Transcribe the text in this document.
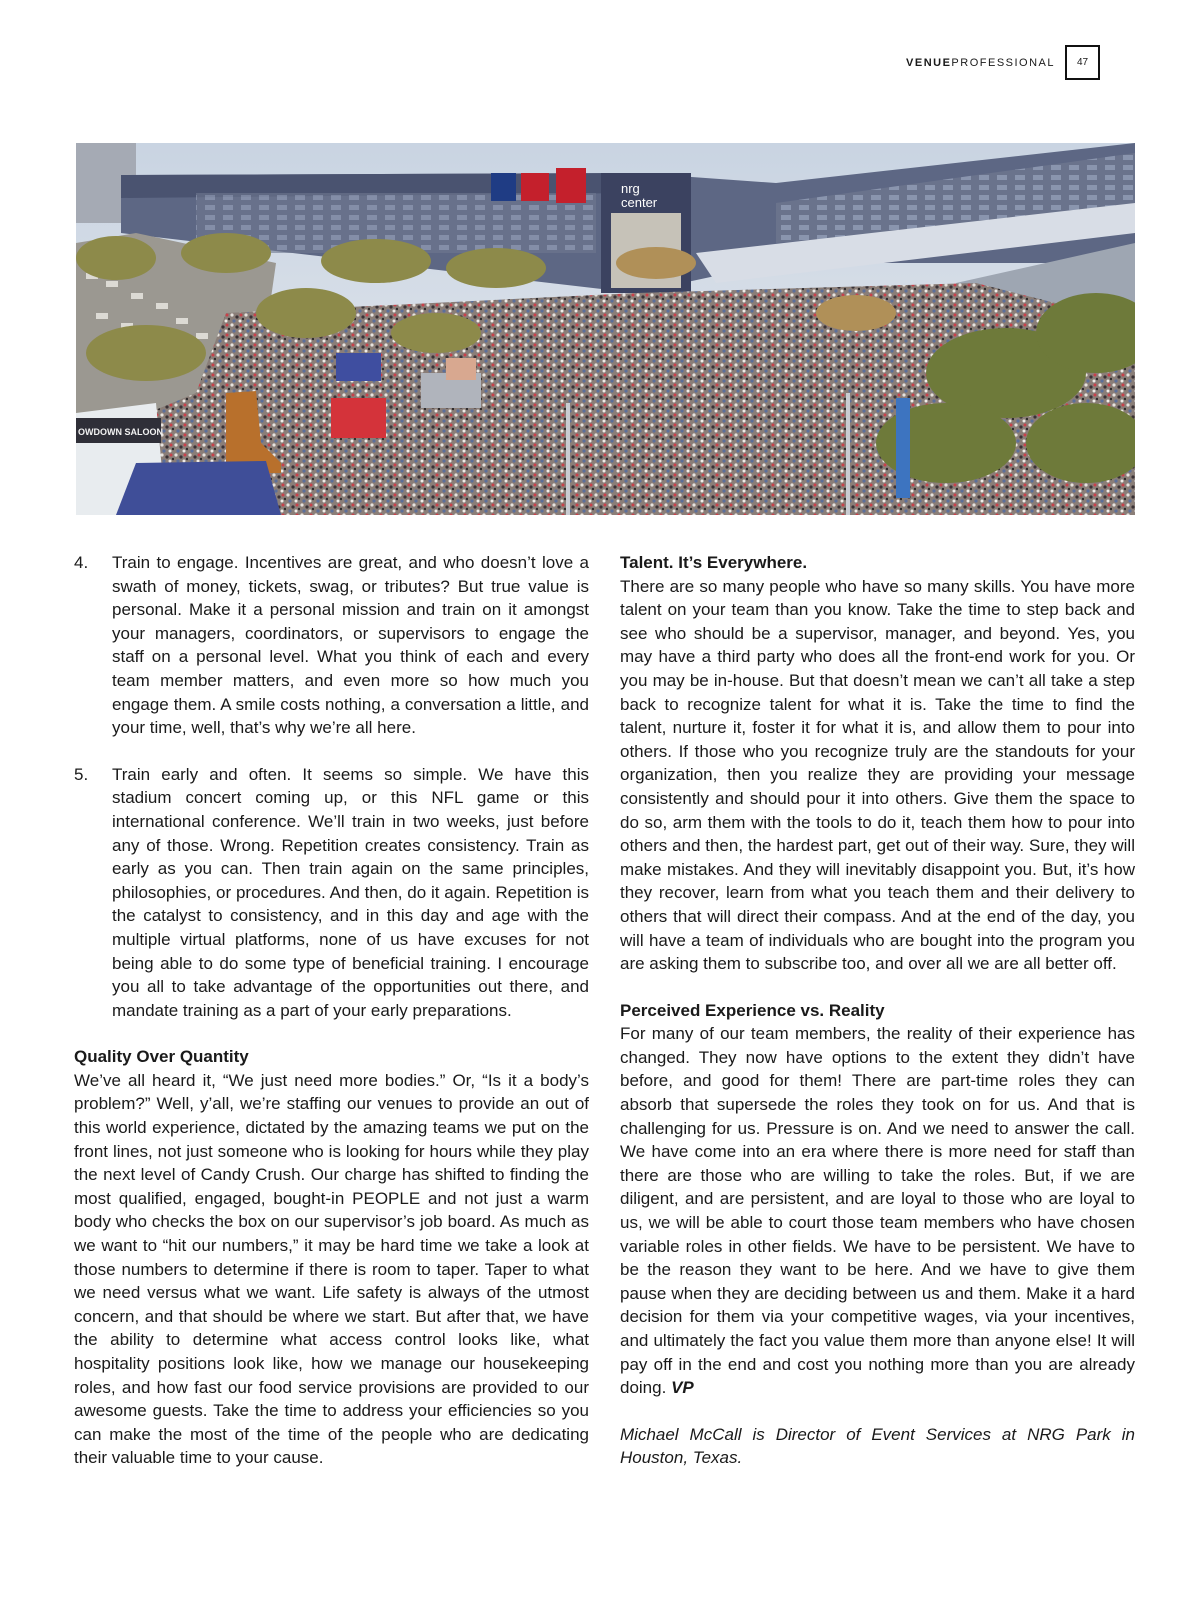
VENUEPROFESSIONAL 47
nrg
center
OWDOWN SALOON
4. Train to engage. Incentives are great, and who doesn’t love a swath of money, tickets, swag, or tributes? But true value is personal. Make it a personal mission and train on it amongst your managers, coordinators, or supervisors to engage the staff on a personal level. What you think of each and every team member matters, and even more so how much you engage them. A smile costs nothing, a conversation a little, and your time, well, that’s why we’re all here.

5. Train early and often. It seems so simple. We have this stadium concert coming up, or this NFL game or this international conference. We’ll train in two weeks, just before any of those. Wrong. Repetition creates consistency. Train as early as you can. Then train again on the same principles, philosophies, or procedures. And then, do it again. Repetition is the catalyst to consistency, and in this day and age with the multiple virtual platforms, none of us have excuses for not being able to do some type of beneficial training. I encourage you all to take advantage of the opportunities out there, and mandate training as a part of your early preparations.

Quality Over Quantity

We’ve all heard it, “We just need more bodies.” Or, “Is it a body’s problem?” Well, y’all, we’re staffing our venues to provide an out of this world experience, dictated by the amazing teams we put on the front lines, not just someone who is looking for hours while they play the next level of Candy Crush. Our charge has shifted to finding the most qualified, engaged, bought-in PEOPLE and not just a warm body who checks the box on our supervisor’s job board. As much as we want to “hit our numbers,” it may be hard time we take a look at those numbers to determine if there is room to taper. Taper to what we need versus what we want. Life safety is always of the utmost concern, and that should be where we start. But after that, we have the ability to determine what access control looks like, what hospitality positions look like, how we manage our housekeeping roles, and how fast our food service provisions are provided to our awesome guests. Take the time to address your efficiencies so you can make the most of the time of the people who are dedicating their valuable time to your cause.

Talent. It’s Everywhere.

There are so many people who have so many skills. You have more talent on your team than you know. Take the time to step back and see who should be a supervisor, manager, and beyond. Yes, you may have a third party who does all the front-end work for you. Or you may be in-house. But that doesn’t mean we can’t all take a step back to recognize talent for what it is. Take the time to find the talent, nurture it, foster it for what it is, and allow them to pour into others. If those who you recognize truly are the standouts for your organization, then you realize they are providing your message consistently and should pour it into others. Give them the space to do so, arm them with the tools to do it, teach them how to pour into others and then, the hardest part, get out of their way. Sure, they will make mistakes. And they will inevitably disappoint you. But, it’s how they recover, learn from what you teach them and their delivery to others that will direct their compass. And at the end of the day, you will have a team of individuals who are bought into the program you are asking them to subscribe too, and over all we are all better off.

Perceived Experience vs. Reality

For many of our team members, the reality of their experience has changed. They now have options to the extent they didn’t have before, and good for them! There are part-time roles they can absorb that supersede the roles they took on for us. And that is challenging for us. Pressure is on. And we need to answer the call. We have come into an era where there is more need for staff than there are those who are willing to take the roles. But, if we are diligent, and are persistent, and are loyal to those who are loyal to us, we will be able to court those team members who have chosen variable roles in other fields. We have to be persistent. We have to be the reason they want to be here. And we have to give them pause when they are deciding between us and them. Make it a hard decision for them via your competitive wages, via your incentives, and ultimately the fact you value them more than anyone else! It will pay off in the end and cost you nothing more than you are already doing. VP

Michael McCall is Director of Event Services at NRG Park in Houston, Texas.
